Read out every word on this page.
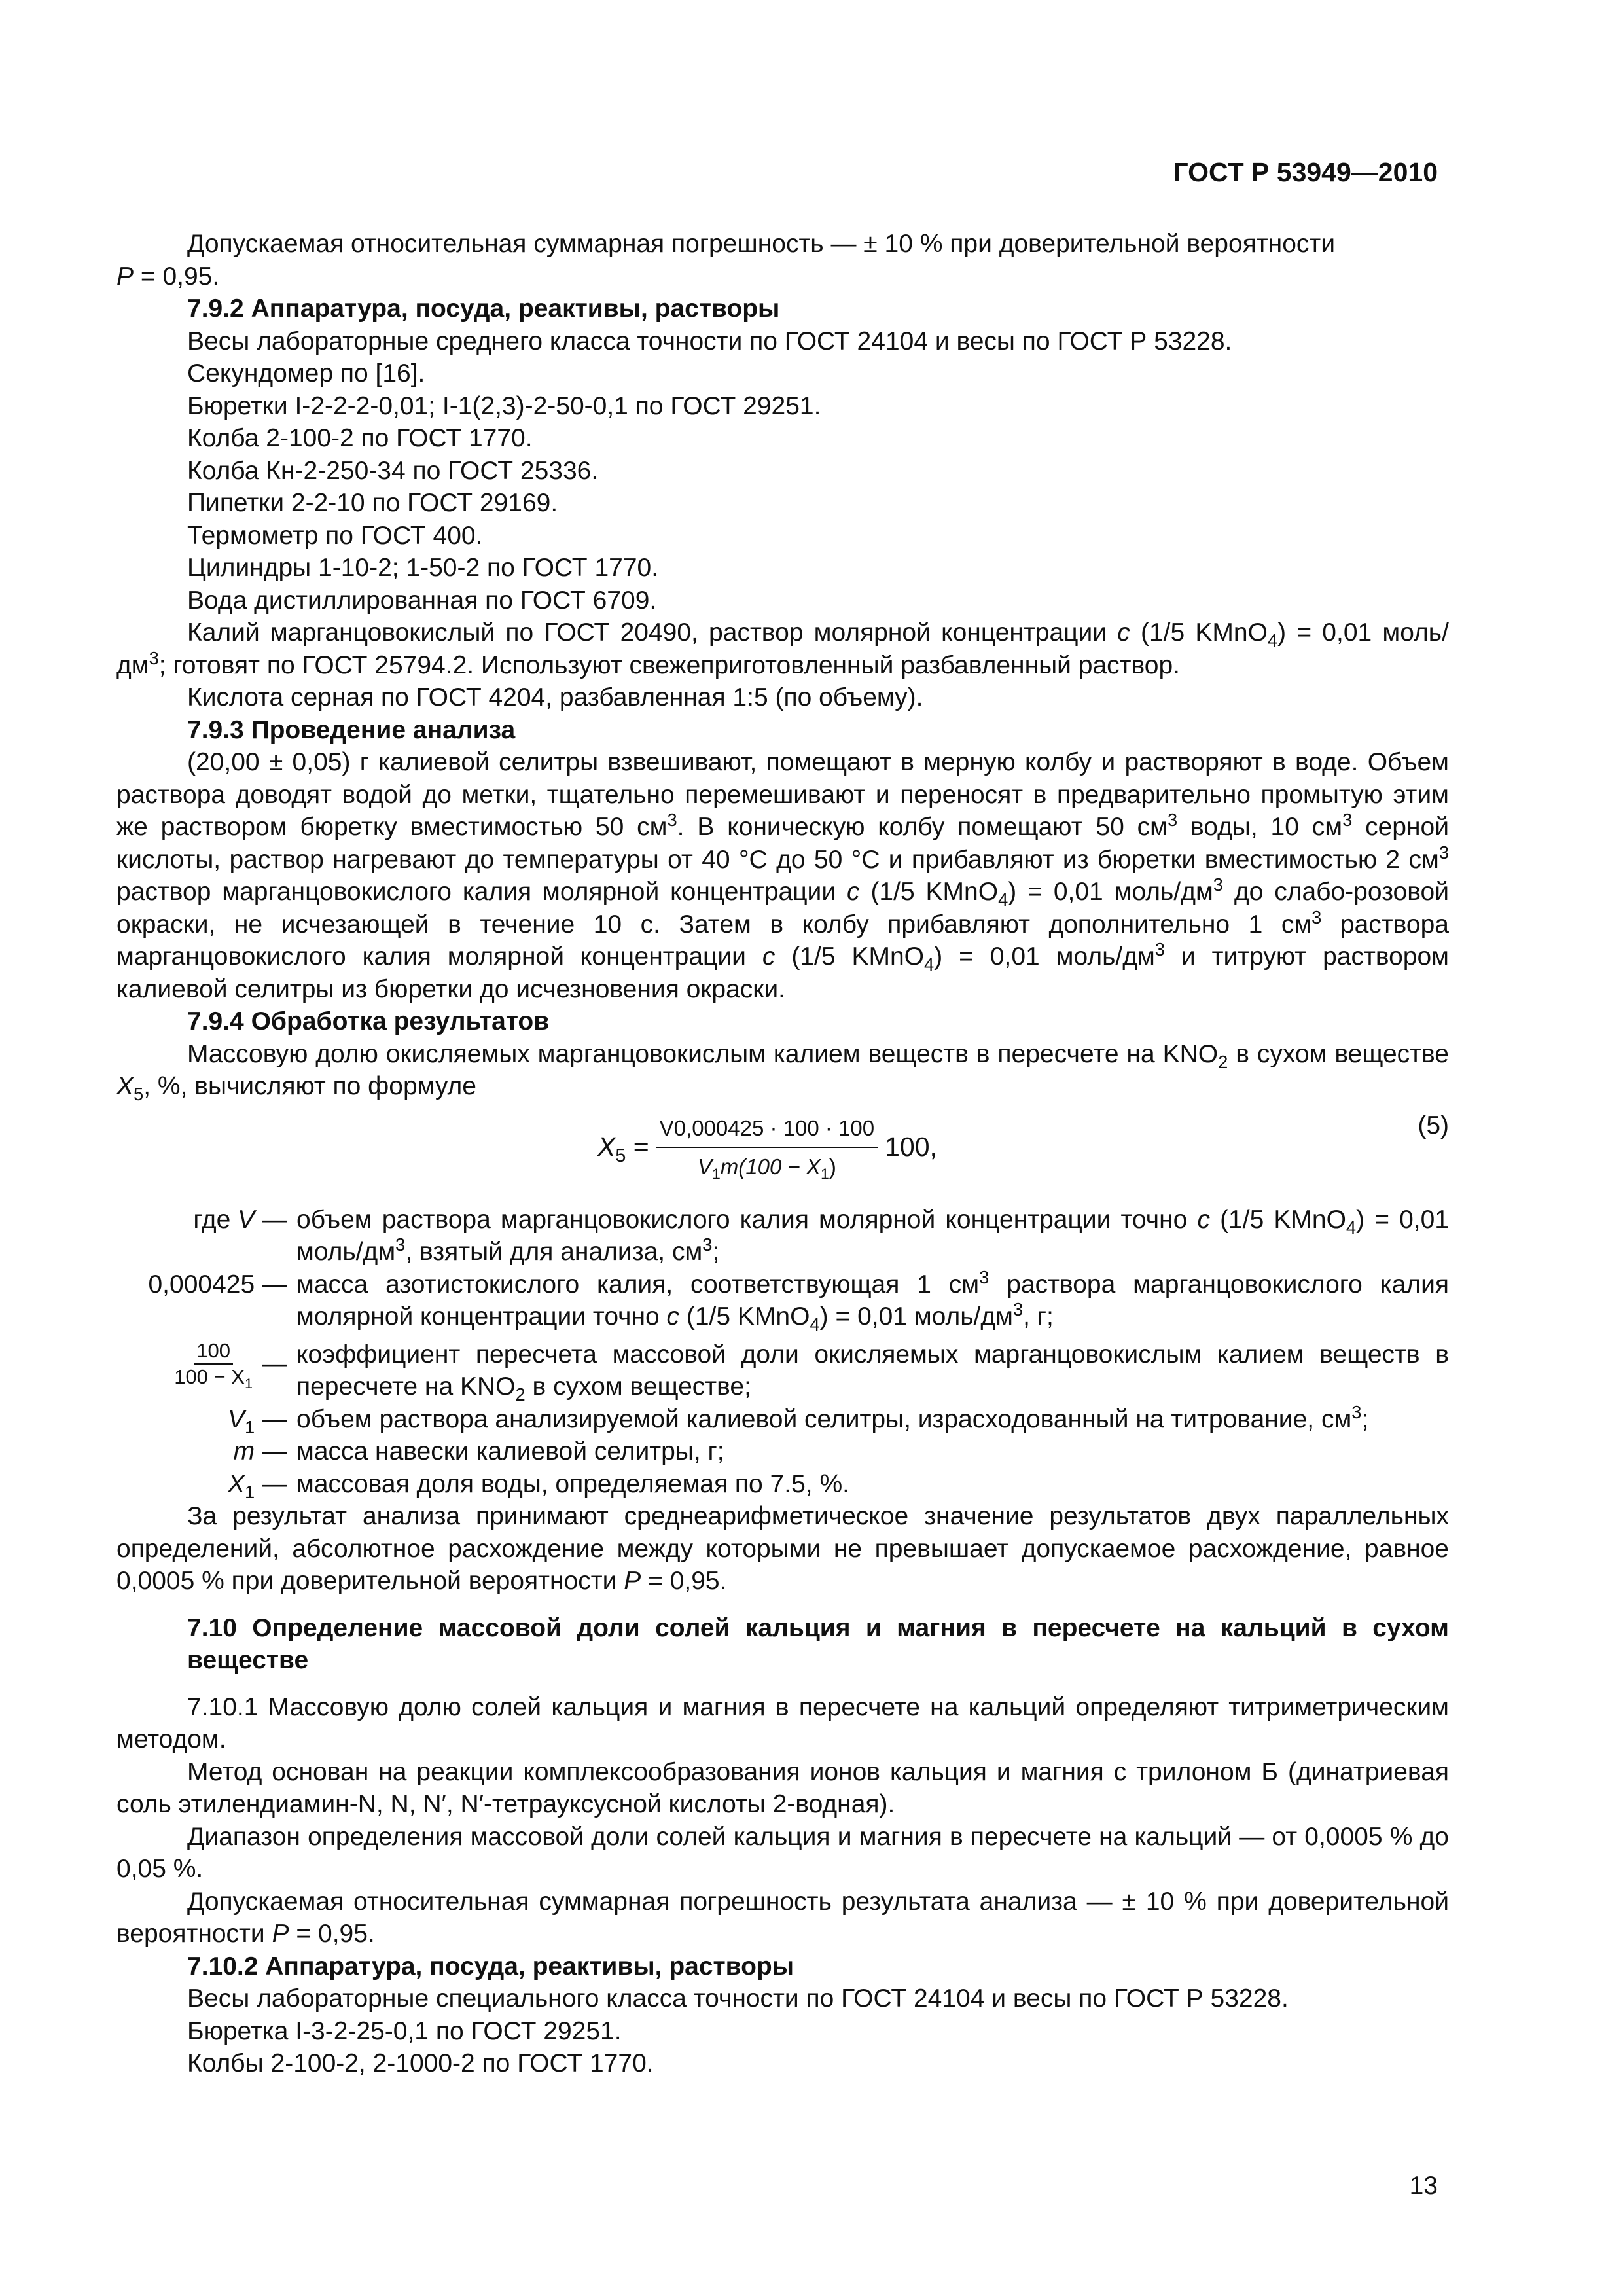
ГОСТ Р 53949—2010

Допускаемая относительная суммарная погрешность — ± 10 % при доверительной вероятности
P = 0,95.

7.9.2 Аппаратура, посуда, реактивы, растворы

Весы лабораторные среднего класса точности по ГОСТ 24104 и весы по ГОСТ Р 53228.

Секундомер по [16].

Бюретки I-2-2-2-0,01; I-1(2,3)-2-50-0,1 по ГОСТ 29251.

Колба 2-100-2 по ГОСТ 1770.

Колба Кн-2-250-34 по ГОСТ 25336.

Пипетки 2-2-10 по ГОСТ 29169.

Термометр по ГОСТ 400.

Цилиндры 1-10-2; 1-50-2 по ГОСТ 1770.

Вода дистиллированная по ГОСТ 6709.

Калий марганцовокислый по ГОСТ 20490, раствор молярной концентрации c (1/5 KMnO$_4$) = 0,01 моль/$дм^3$; готовят по ГОСТ 25794.2. Используют свежеприготовленный разбавленный раствор.

Кислота серная по ГОСТ 4204, разбавленная 1:5 (по объему).

7.9.3 Проведение анализа

(20,00 ± 0,05) г калиевой селитры взвешивают, помещают в мерную колбу и растворяют в воде. Объем раствора доводят водой до метки, тщательно перемешивают и переносят в предварительно промытую этим же раствором бюретку вместимостью 50 $см^3$. В коническую колбу помещают 50 $см^3$ воды, 10 $см^3$ серной кислоты, раствор нагревают до температуры от 40 °С до 50 °С и прибавляют из бюретки вместимостью 2 $см^3$ раствор марганцовокислого калия молярной концентрации c (1/5 KMnO$_4$) = 0,01 моль/$дм^3$ до слабо-розовой окраски, не исчезающей в течение 10 с. Затем в колбу прибавляют дополнительно 1 $см^3$ раствора марганцовокислого калия молярной концентрации c (1/5 KMnO$_4$) = 0,01 моль/$дм^3$ и титруют раствором калиевой селитры из бюретки до исчезновения окраски.

7.9.4 Обработка результатов

Массовую долю окисляемых марганцовокислым калием веществ в пересчете на $KNO_2$ в сухом веществе $X_5$, %, вычисляют по формуле

$X_5 = \frac{V0,000425 \cdot 100 \cdot 100}{V_1m(100 - X_1)} 100$,
(5)
где V — объем раствора марганцовокислого калия молярной концентрации точно c (1/5 KMnO$_4$) = 0,01 моль/$дм^3$, взятый для анализа, $см^3$;
0,000425 — масса азотистокислого калия, соответствующая 1 $см^3$ раствора марганцовокислого калия молярной концентрации точно c (1/5 KMnO$_4$) = 0,01 моль/$дм^3$, г;
$\frac{100}{100 - X_1}$ — коэффициент пересчета массовой доли окисляемых марганцовокислым калием веществ в пересчете на $KNO_2$ в сухом веществе;
$V_1$ — объем раствора анализируемой калиевой селитры, израсходованный на титрование, $см^3$;
m — масса навески калиевой селитры, г;
$X_1$ — массовая доля воды, определяемая по 7.5, %.

За результат анализа принимают среднеарифметическое значение результатов двух параллельных определений, абсолютное расхождение между которыми не превышает допускаемое расхождение, равное 0,0005 % при доверительной вероятности P = 0,95.

7.10 Определение массовой доли солей кальция и магния в пересчете на кальций в сухом веществе

7.10.1 Массовую долю солей кальция и магния в пересчете на кальций определяют титриметрическим методом.

Метод основан на реакции комплексообразования ионов кальция и магния с трилоном Б (динатриевая соль этилендиамин-N, N, N′, N′-тетрауксусной кислоты 2-водная).

Диапазон определения массовой доли солей кальция и магния в пересчете на кальций — от 0,0005 % до 0,05 %.

Допускаемая относительная суммарная погрешность результата анализа — ± 10 % при доверительной вероятности P = 0,95.

7.10.2 Аппаратура, посуда, реактивы, растворы

Весы лабораторные специального класса точности по ГОСТ 24104 и весы по ГОСТ Р 53228.

Бюретка I-3-2-25-0,1 по ГОСТ 29251.

Колбы 2-100-2, 2-1000-2 по ГОСТ 1770.

13
